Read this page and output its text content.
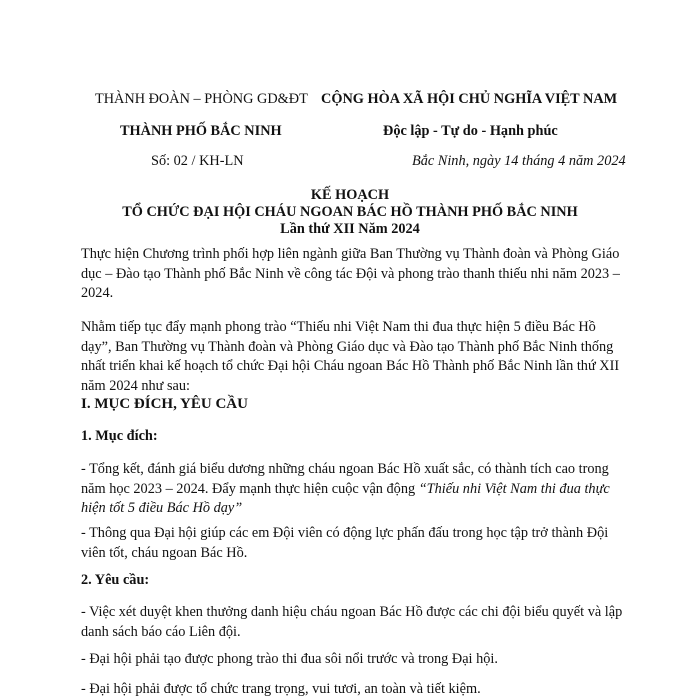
THÀNH ĐOÀN – PHÒNG GD&ĐT
THÀNH PHỐ BẮC NINH
Số: 02 / KH-LN
CỘNG HÒA XÃ HỘI CHỦ NGHĨA VIỆT NAM
Độc lập - Tự do - Hạnh phúc
Bắc Ninh, ngày 14 tháng 4 năm 2024
KẾ HOẠCH
TỔ CHỨC ĐẠI HỘI CHÁU NGOAN BÁC HỒ THÀNH PHỐ BẮC NINH
Lần thứ XII Năm 2024
Thực hiện Chương trình phối hợp liên ngành giữa Ban Thường vụ Thành đoàn và Phòng Giáo dục – Đào tạo Thành phố Bắc Ninh về công tác Đội và phong trào thanh thiếu nhi năm 2023 – 2024.
Nhằm tiếp tục đẩy mạnh phong trào “Thiếu nhi Việt Nam thi đua thực hiện 5 điều Bác Hồ dạy”, Ban Thường vụ Thành đoàn và Phòng Giáo dục và Đào tạo Thành phố Bắc Ninh thống nhất triển khai kế hoạch tổ chức Đại hội Cháu ngoan Bác Hồ Thành phố Bắc Ninh lần thứ XII năm 2024 như sau:
I. MỤC ĐÍCH, YÊU CẦU
1. Mục đích:
- Tổng kết, đánh giá biểu dương những cháu ngoan Bác Hồ xuất sắc, có thành tích cao trong năm học 2023 – 2024. Đẩy mạnh thực hiện cuộc vận động “Thiếu nhi Việt Nam thi đua thực hiện tốt 5 điều Bác Hồ dạy”
- Thông qua Đại hội giúp các em Đội viên có động lực phấn đấu trong học tập trở thành Đội viên tốt, cháu ngoan Bác Hồ.
2. Yêu cầu:
- Việc xét duyệt khen thưởng danh hiệu cháu ngoan Bác Hồ được các chi đội biểu quyết và lập danh sách báo cáo Liên đội.
- Đại hội phải tạo được phong trào thi đua sôi nổi trước và trong Đại hội.
- Đại hội phải được tổ chức trang trọng, vui tươi, an toàn và tiết kiệm.
